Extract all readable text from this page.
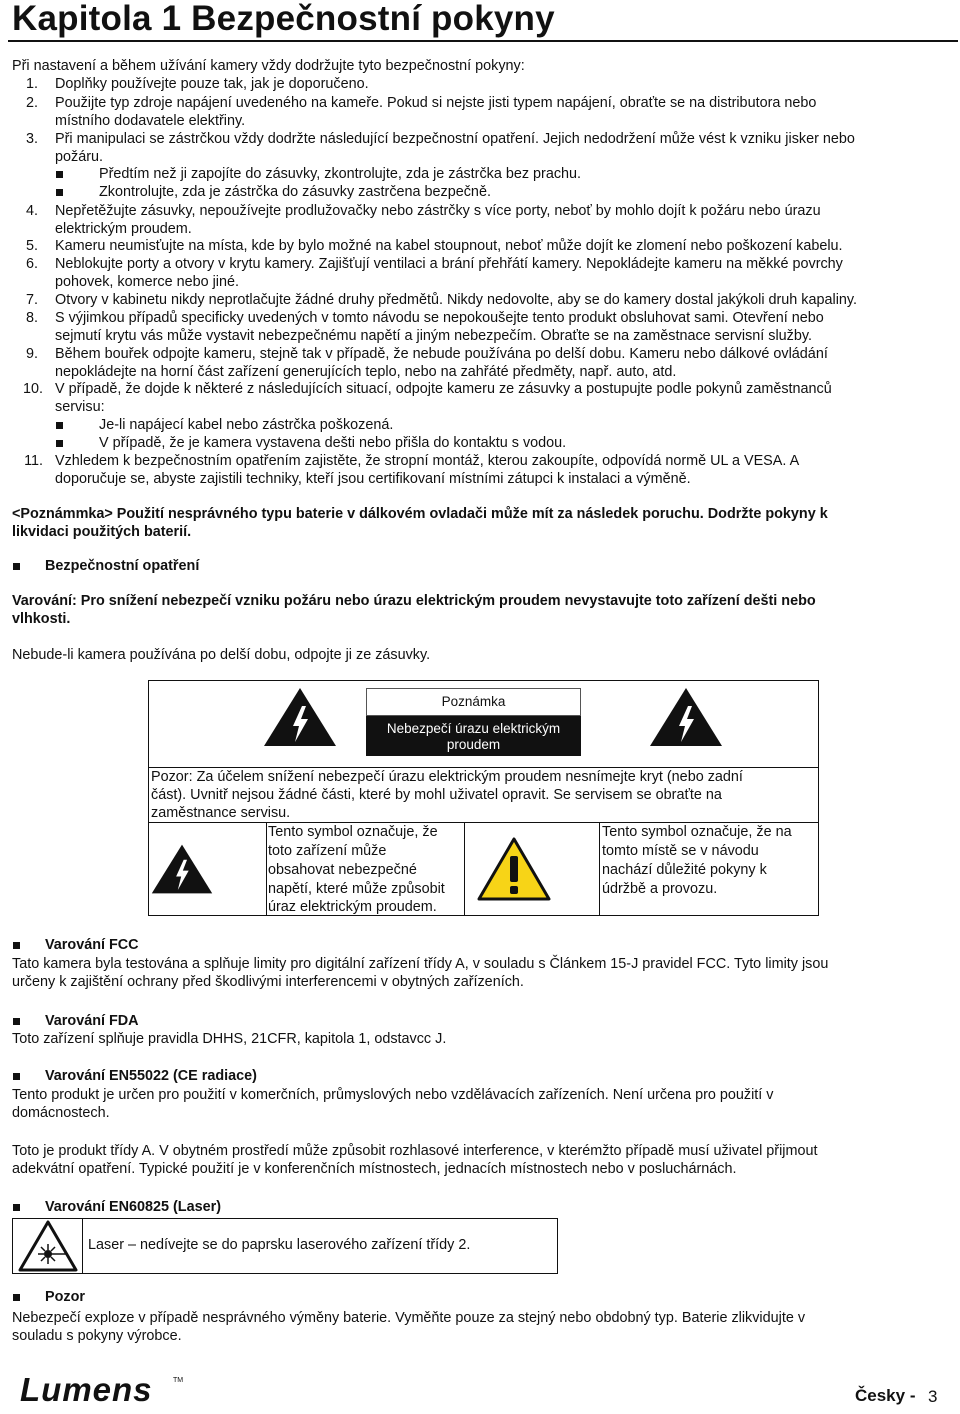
Kapitola 1 Bezpečnostní pokyny
Při nastavení a během užívání kamery vždy dodržujte tyto bezpečnostní pokyny:
1. Doplňky používejte pouze tak, jak je doporučeno.
2. Použijte typ zdroje napájení uvedeného na kameře. Pokud si nejste jisti typem napájení, obraťte se na distributora nebo
místního dodavatele elektřiny.
3. Při manipulaci se zástrčkou vždy dodržte následující bezpečnostní opatření. Jejich nedodržení může vést k vzniku jisker nebo
požáru.
Předtím než ji zapojíte do zásuvky, zkontrolujte, zda je zástrčka bez prachu.
Zkontrolujte, zda je zástrčka do zásuvky zastrčena bezpečně.
4. Nepřetěžujte zásuvky, nepoužívejte prodlužovačky nebo zástrčky s více porty, neboť by mohlo dojít k požáru nebo úrazu
elektrickým proudem.
5. Kameru neumisťujte na místa, kde by bylo možné na kabel stoupnout, neboť může dojít ke zlomení nebo poškození kabelu.
6. Neblokujte porty a otvory v krytu kamery. Zajišťují ventilaci a brání přehřátí kamery. Nepokládejte kameru na měkké povrchy
pohovek, komerce nebo jiné.
7. Otvory v kabinetu nikdy neprotlačujte žádné druhy předmětů. Nikdy nedovolte, aby se do kamery dostal jakýkoli druh kapaliny.
8. S výjimkou případů specificky uvedených v tomto návodu se nepokoušejte tento produkt obsluhovat sami. Otevření nebo
sejmutí krytu vás může vystavit nebezpečnému napětí a jiným nebezpečím. Obraťte se na zaměstnace servisní služby.
9. Během bouřek odpojte kameru, stejně tak v případě, že nebude používána po delší dobu. Kameru nebo dálkové ovládání
nepokládejte na horní část zařízení generujících teplo, nebo na zahřáté předměty, např. auto, atd.
10. V případě, že dojde k některé z následujících situací, odpojte kameru ze zásuvky a postupujte podle pokynů zaměstnanců
servisu:
Je-li napájecí kabel nebo zástrčka poškozená.
V případě, že je kamera vystavena dešti nebo přišla do kontaktu s vodou.
11. Vzhledem k bezpečnostním opatřením zajistěte, že stropní montáž, kterou zakoupíte, odpovídá normě UL a VESA. A
doporučuje se, abyste zajistili techniky, kteří jsou certifikovaní místními zátupci k instalaci a výměně.
<Poznámmka> Použití nesprávného typu baterie v dálkovém ovladači může mít za následek poruchu. Dodržte pokyny k
likvidaci použitých baterií.
Bezpečnostní opatření
Varování: Pro snížení nebezpečí vzniku požáru nebo úrazu elektrickým proudem nevystavujte toto zařízení dešti nebo
vlhkosti.
Nebude-li kamera používána po delší dobu, odpojte ji ze zásuvky.
Poznámka
Nebezpečí úrazu elektrickým
proudem
Pozor: Za účelem snížení nebezpečí úrazu elektrickým proudem nesnímejte kryt (nebo zadní
část). Uvnitř nejsou žádné části, které by mohl uživatel opravit. Se servisem se obraťte na
zaměstnance servisu.
Tento symbol označuje, že
toto zařízení může
obsahovat nebezpečné
napětí, které může způsobit
úraz elektrickým proudem.
Tento symbol označuje, že na
tomto místě se v návodu
nachází důležité pokyny k
údržbě a provozu.
Varování FCC
Tato kamera byla testována a splňuje limity pro digitální zařízení třídy A, v souladu s Článkem 15-J pravidel FCC. Tyto limity jsou
určeny k zajištění ochrany před škodlivými interferencemi v obytných zařízeních.
Varování FDA
Toto zařízení splňuje pravidla DHHS, 21CFR, kapitola 1, odstavcc J.
Varování EN55022 (CE radiace)
Tento produkt je určen pro použití v komerčních, průmyslových nebo vzdělávacích zařízeních. Není určena pro použití v
domácnostech.
Toto je produkt třídy A. V obytném prostředí může způsobit rozhlasové interference, v kterémžto případě musí uživatel přijmout
adekvátní opatření. Typické použití je v konferenčních místnostech, jednacích místnostech nebo v posluchárnách.
Varování EN60825 (Laser)
Laser – nedívejte se do paprsku laserového zařízení třídy 2.
Pozor
Nebezpečí exploze v případě nesprávného výměny baterie. Vyměňte pouze za stejný nebo obdobný typ. Baterie zlikvidujte v
souladu s pokyny výrobce.
Lumens	TM
Česky - 3
